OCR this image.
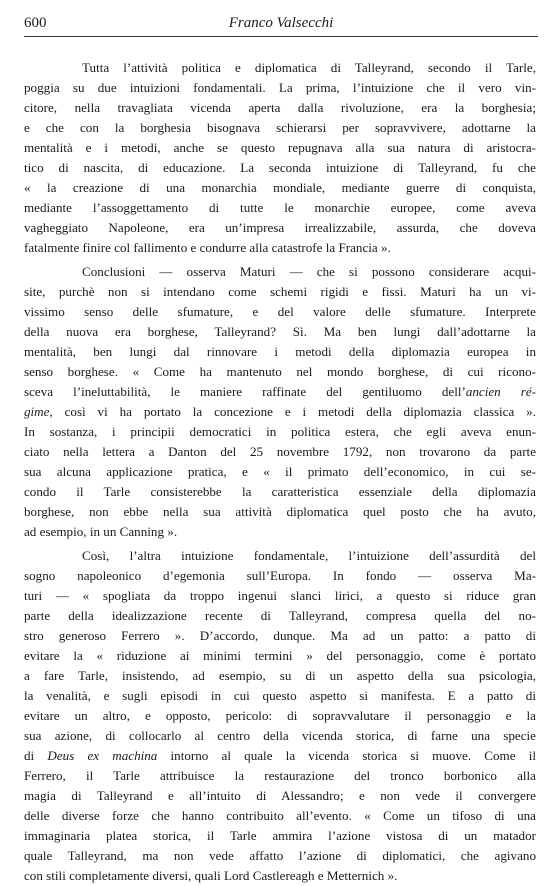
600	Franco Valsecchi
Tutta l’attività politica e diplomatica di Talleyrand, secondo il Tarle,
poggia su due intuizioni fondamentali. La prima, l’intuizione che il vero vin-
citore, nella travagliata vicenda aperta dalla rivoluzione, era la borghesia;
e che con la borghesia bisognava schierarsi per sopravvivere, adottarne la
mentalità e i metodi, anche se questo repugnava alla sua natura di aristocra-
tico di nascita, di educazione. La seconda intuizione di Talleyrand, fu che
« la creazione di una monarchia mondiale, mediante guerre di conquista,
mediante l’assoggettamento di tutte le monarchie europee, come aveva
vagheggiato Napoleone, era un’impresa irrealizzabile, assurda, che doveva
fatalmente finire col fallimento e condurre alla catastrofe la Francia ».
Conclusioni — osserva Maturi — che si possono considerare acqui-
site, purchè non si intendano come schemi rigidi e fissi. Maturi ha un vi-
vissimo senso delle sfumature, e del valore delle sfumature. Interprete
della nuova era borghese, Talleyrand? Sì. Ma ben lungi dall’adottarne la
mentalità, ben lungi dal rinnovare i metodi della diplomazia europea in
senso borghese. « Come ha mantenuto nel mondo borghese, di cui ricono-
sceva l’ineluttabilità, le maniere raffinate del gentiluomo dell’ancien ré-
gime, così vi ha portato la concezione e i metodi della diplomazia classica ».
In sostanza, i principii democratici in politica estera, che egli aveva enun-
ciato nella lettera a Danton del 25 novembre 1792, non trovarono da parte
sua alcuna applicazione pratica, e « il primato dell’economico, in cui se-
condo il Tarle consisterebbe la caratteristica essenziale della diplomazia
borghese, non ebbe nella sua attività diplomatica quel posto che ha avuto,
ad esempio, in un Canning ».
Così, l’altra intuizione fondamentale, l’intuizione dell’assurdità del
sogno napoleonico d’egemonia sull’Europa. In fondo — osserva Ma-
turi — « spogliata da troppo ingenui slanci lirici, a questo si riduce gran
parte della idealizzazione recente di Talleyrand, compresa quella del no-
stro generoso Ferrero ». D’accordo, dunque. Ma ad un patto: a patto di
evitare la « riduzione ai minimi termini » del personaggio, come è portato
a fare Tarle, insistendo, ad esempio, su di un aspetto della sua psicologia,
la venalità, e sugli episodi in cui questo aspetto si manifesta. E a patto di
evitare un altro, e opposto, pericolo: di sopravvalutare il personaggio e la
sua azione, di collocarlo al centro della vicenda storica, di farne una specie
di Deus ex machina intorno al quale la vicenda storica si muove. Come il
Ferrero, il Tarle attribuisce la restaurazione del tronco borbonico alla
magia di Talleyrand e all’intuito di Alessandro; e non vede il convergere
delle diverse forze che hanno contribuito all’evento. « Come un tifoso di una
immaginaria platea storica, il Tarle ammira l’azione vistosa di un matador
quale Talleyrand, ma non vede affatto l’azione di diplomatici, che agivano
con stili completamente diversi, quali Lord Castlereagh e Metternich ».
